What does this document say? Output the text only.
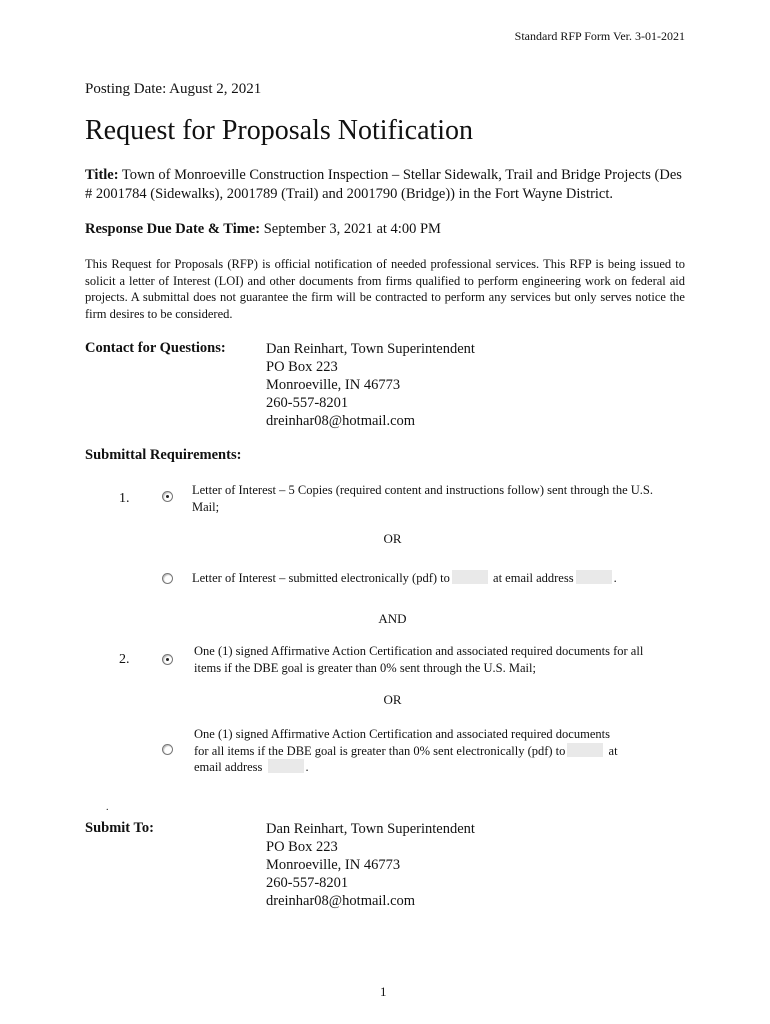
Standard RFP Form Ver. 3-01-2021
Posting Date: August 2, 2021
Request for Proposals Notification
Title: Town of Monroeville Construction Inspection – Stellar Sidewalk, Trail and Bridge Projects (Des # 2001784 (Sidewalks), 2001789 (Trail) and 2001790 (Bridge)) in the Fort Wayne District.
Response Due Date & Time: September 3, 2021 at 4:00 PM
This Request for Proposals (RFP) is official notification of needed professional services. This RFP is being issued to solicit a letter of Interest (LOI) and other documents from firms qualified to perform engineering work on federal aid projects. A submittal does not guarantee the firm will be contracted to perform any services but only serves notice the firm desires to be considered.
Contact for Questions:	Dan Reinhart, Town Superintendent
PO Box 223
Monroeville, IN 46773
260-557-8201
dreinhar08@hotmail.com
Submittal Requirements:
1.
Letter of Interest – 5 Copies (required content and instructions follow) sent through the U.S. Mail;
OR
Letter of Interest – submitted electronically (pdf) to	at email address	.
AND
2.
One (1) signed Affirmative Action Certification and associated required documents for all items if the DBE goal is greater than 0% sent through the U.S. Mail;
OR
One (1) signed Affirmative Action Certification and associated required documents
for all items if the DBE goal is greater than 0% sent electronically (pdf) to	at
email address	.
.
Submit To:	Dan Reinhart, Town Superintendent
PO Box 223
Monroeville, IN 46773
260-557-8201
dreinhar08@hotmail.com
1
